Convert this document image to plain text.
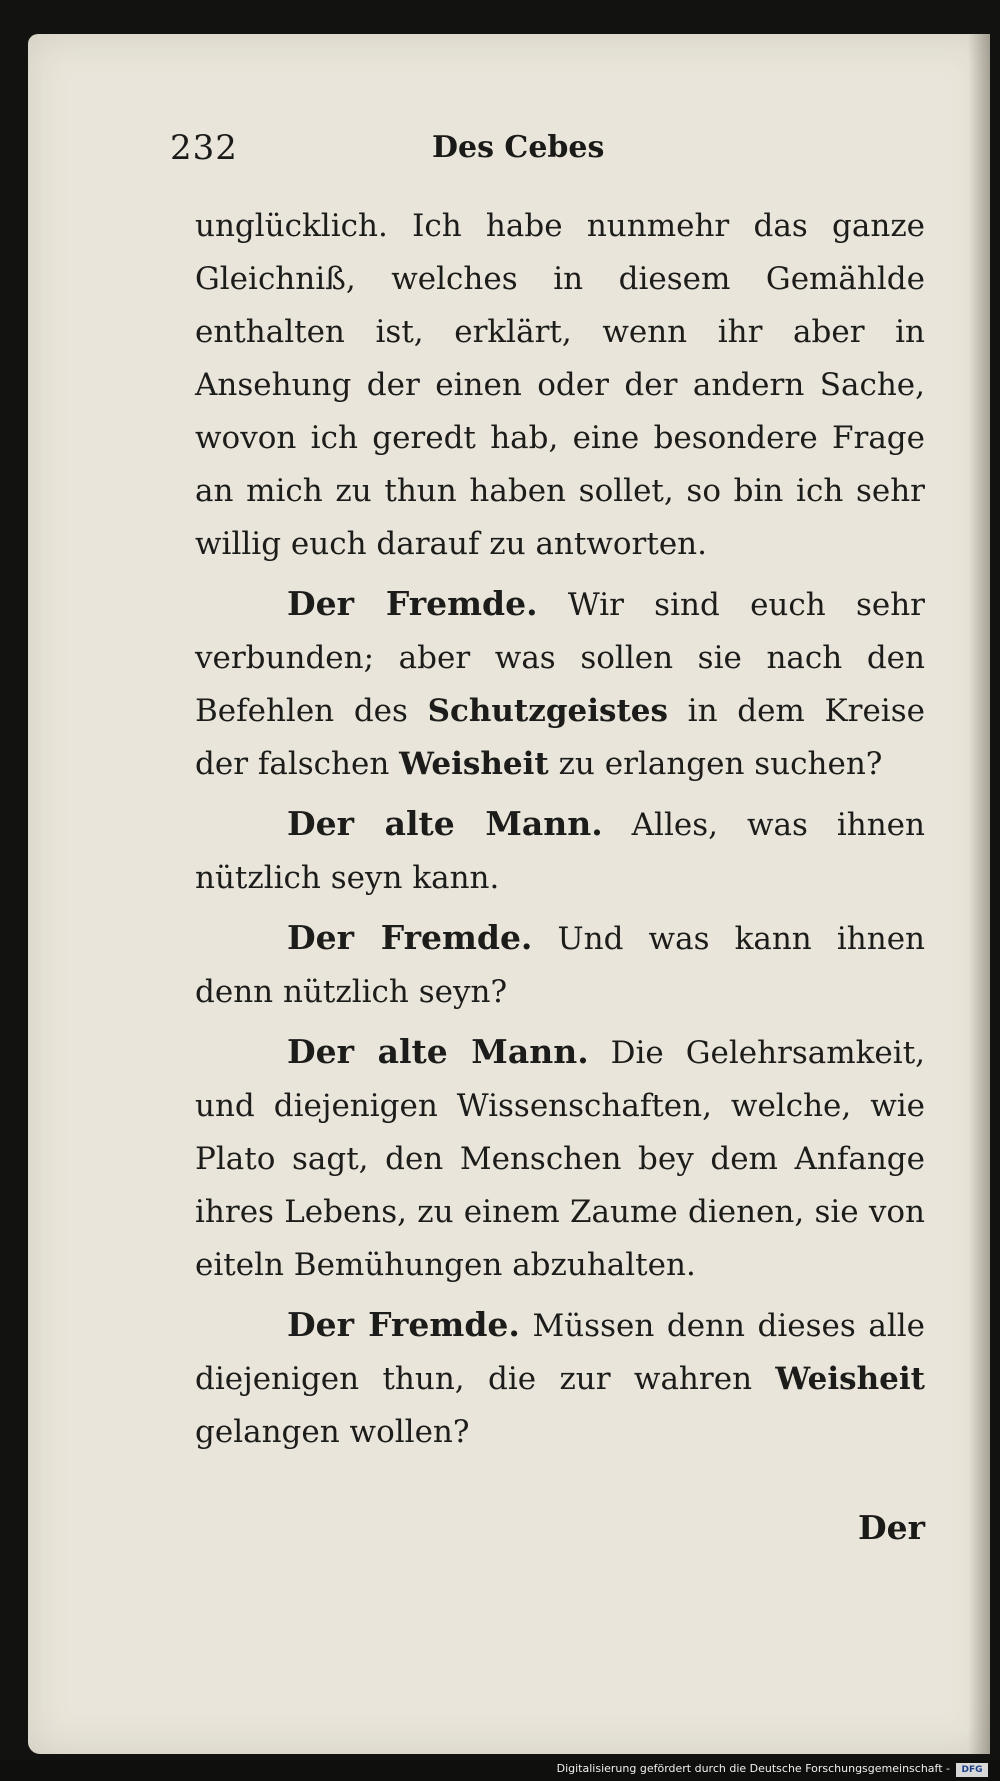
232	Des Cebes

unglücklich. Ich habe nunmehr das ganze Gleichniß, welches in diesem Gemählde enthalten ist, erklärt, wenn ihr aber in Ansehung der einen oder der andern Sache, wovon ich geredt hab, eine besondere Frage an mich zu thun haben sollet, so bin ich sehr willig euch darauf zu antworten.

Der Fremde. Wir sind euch sehr verbunden; aber was sollen sie nach den Befehlen des Schutzgeistes in dem Kreise der falschen Weisheit zu erlangen suchen?

Der alte Mann. Alles, was ihnen nützlich seyn kann.

Der Fremde. Und was kann ihnen denn nützlich seyn?

Der alte Mann. Die Gelehrsamkeit, und diejenigen Wissenschaften, welche, wie Plato sagt, den Menschen bey dem Anfange ihres Lebens, zu einem Zaume dienen, sie von eiteln Bemühungen abzuhalten.

Der Fremde. Müssen denn dieses alle diejenigen thun, die zur wahren Weisheit gelangen wollen?

Der
Digitalisierung gefördert durch die Deutsche Forschungsgemeinschaft -	DFG
